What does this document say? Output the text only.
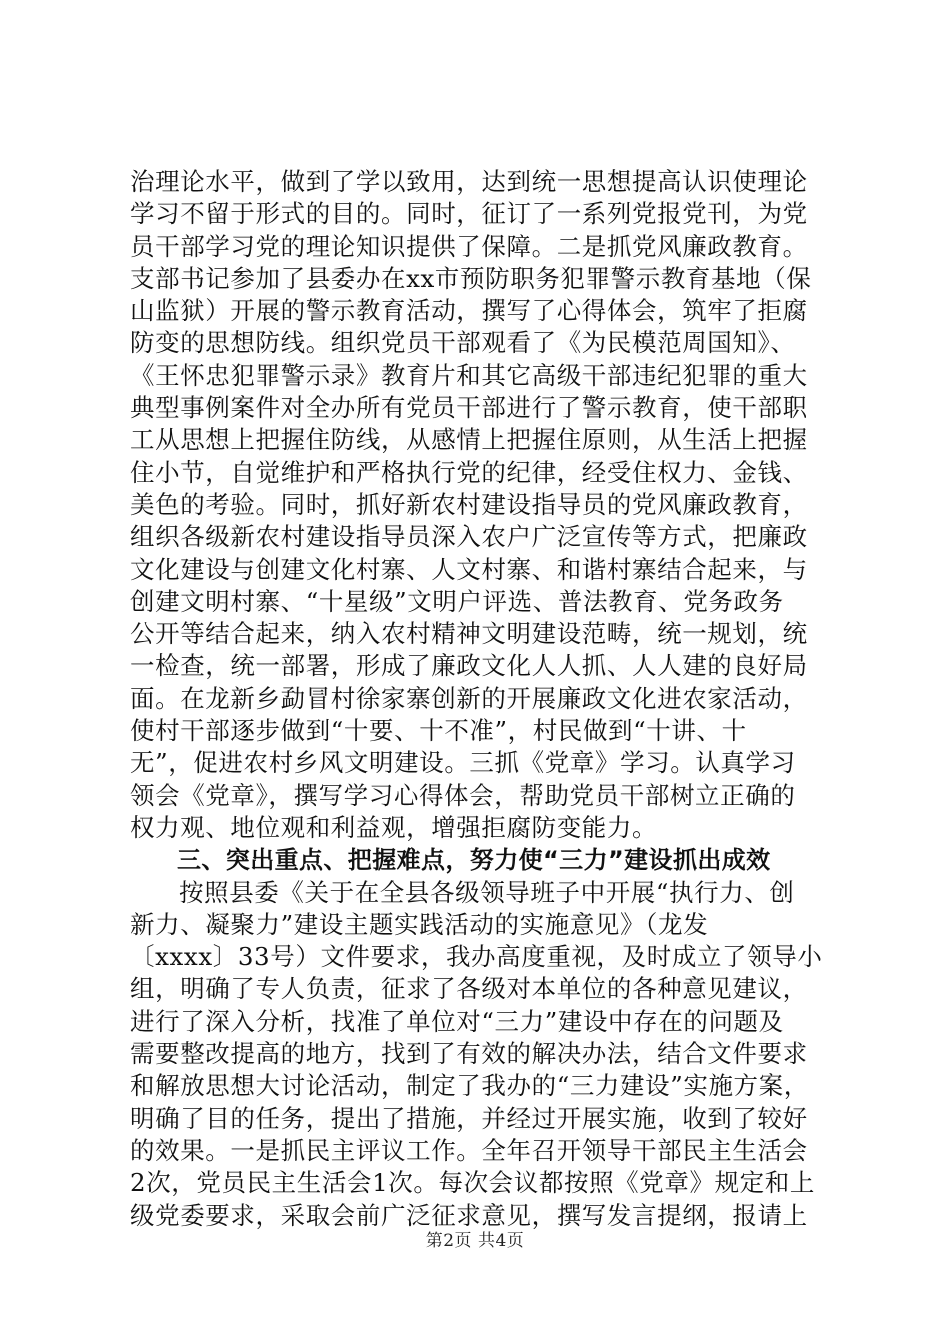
治理论水平，做到了学以致用，达到统一思想提高认识使理论
学习不留于形式的目的。同时，征订了一系列党报党刊，为党
员干部学习党的理论知识提供了保障。二是抓党风廉政教育。
支部书记参加了县委办在xx市预防职务犯罪警示教育基地（保
山监狱）开展的警示教育活动，撰写了心得体会，筑牢了拒腐
防变的思想防线。组织党员干部观看了《为民模范周国知》、
《王怀忠犯罪警示录》教育片和其它高级干部违纪犯罪的重大
典型事例案件对全办所有党员干部进行了警示教育，使干部职
工从思想上把握住防线，从感情上把握住原则，从生活上把握
住小节，自觉维护和严格执行党的纪律，经受住权力、金钱、
美色的考验。同时，抓好新农村建设指导员的党风廉政教育，
组织各级新农村建设指导员深入农户广泛宣传等方式，把廉政
文化建设与创建文化村寨、人文村寨、和谐村寨结合起来，与
创建文明村寨、“十星级”文明户评选、普法教育、党务政务
公开等结合起来，纳入农村精神文明建设范畴，统一规划，统
一检查，统一部署，形成了廉政文化人人抓、人人建的良好局
面。在龙新乡勐冒村徐家寨创新的开展廉政文化进农家活动，
使村干部逐步做到“十要、十不准”，村民做到“十讲、十
无”，促进农村乡风文明建设。三抓《党章》学习。认真学习
领会《党章》，撰写学习心得体会，帮助党员干部树立正确的
权力观、地位观和利益观，增强拒腐防变能力。
三、突出重点、把握难点，努力使“三力”建设抓出成效
按照县委《关于在全县各级领导班子中开展“执行力、创
新力、凝聚力”建设主题实践活动的实施意见》（龙发
〔xxxx〕33号）文件要求，我办高度重视，及时成立了领导小
组，明确了专人负责，征求了各级对本单位的各种意见建议，
进行了深入分析，找准了单位对“三力”建设中存在的问题及
需要整改提高的地方，找到了有效的解决办法，结合文件要求
和解放思想大讨论活动，制定了我办的“三力建设”实施方案，
明确了目的任务，提出了措施，并经过开展实施，收到了较好
的效果。一是抓民主评议工作。全年召开领导干部民主生活会
2次，党员民主生活会1次。每次会议都按照《党章》规定和上
级党委要求，采取会前广泛征求意见，撰写发言提纲，报请上
第2页 共4页
